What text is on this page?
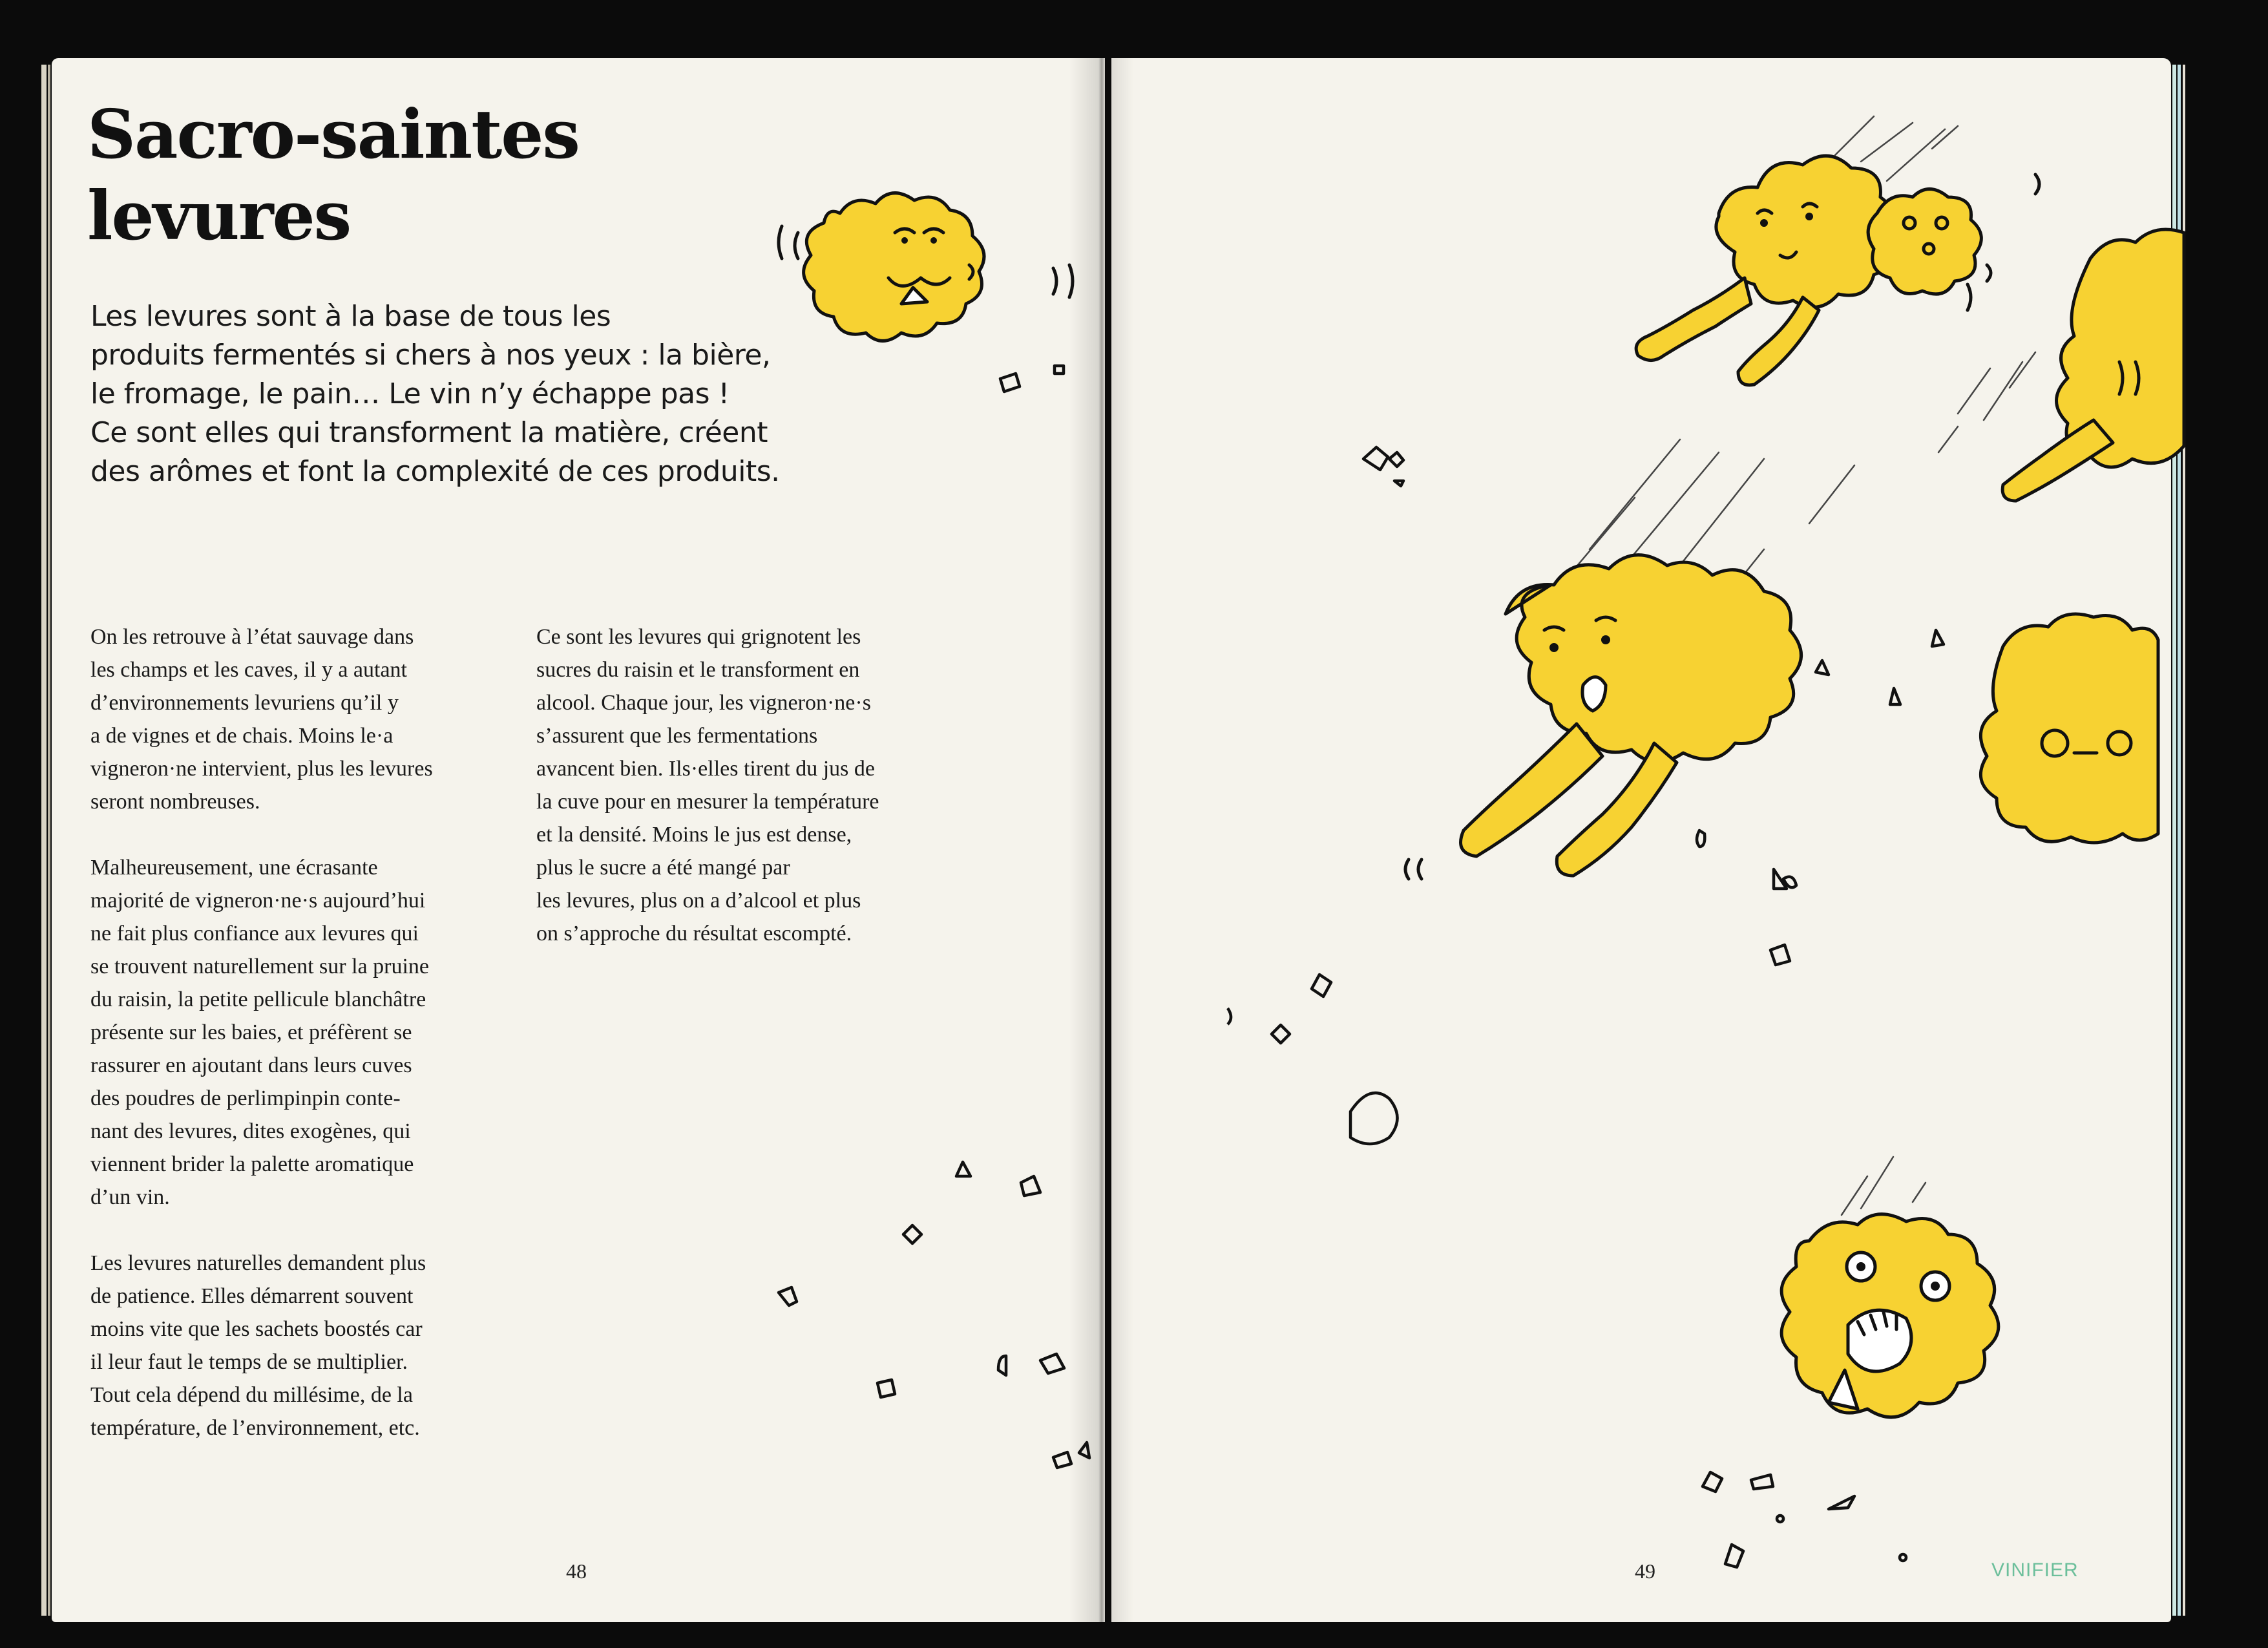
Sacro-saintes
levures
Les levures sont à la base de tous les
produits fermentés si chers à nos yeux : la bière,
le fromage, le pain… Le vin n’y échappe pas !
Ce sont elles qui transforment la matière, créent
des arômes et font la complexité de ces produits.

On les retrouve à l’état sauvage dans
les champs et les caves, il y a autant
d’environnements levuriens qu’il y
a de vignes et de chais. Moins le·a
vigneron·ne intervient, plus les levures
seront nombreuses.

Malheureusement, une écrasante
majorité de vigneron·ne·s aujourd’hui
ne fait plus confiance aux levures qui
se trouvent naturellement sur la pruine
du raisin, la petite pellicule blanchâtre
présente sur les baies, et préfèrent se
rassurer en ajoutant dans leurs cuves
des poudres de perlimpinpin conte-
nant des levures, dites exogènes, qui
viennent brider la palette aromatique
d’un vin.

Les levures naturelles demandent plus
de patience. Elles démarrent souvent
moins vite que les sachets boostés car
il leur faut le temps de se multiplier.
Tout cela dépend du millésime, de la
température, de l’environnement, etc.

Ce sont les levures qui grignotent les
sucres du raisin et le transforment en
alcool. Chaque jour, les vigneron·ne·s
s’assurent que les fermentations
avancent bien. Ils·elles tirent du jus de
la cuve pour en mesurer la température
et la densité. Moins le jus est dense,
plus le sucre a été mangé par
les levures, plus on a d’alcool et plus
on s’approche du résultat escompté.

48	49	VINIFIER
